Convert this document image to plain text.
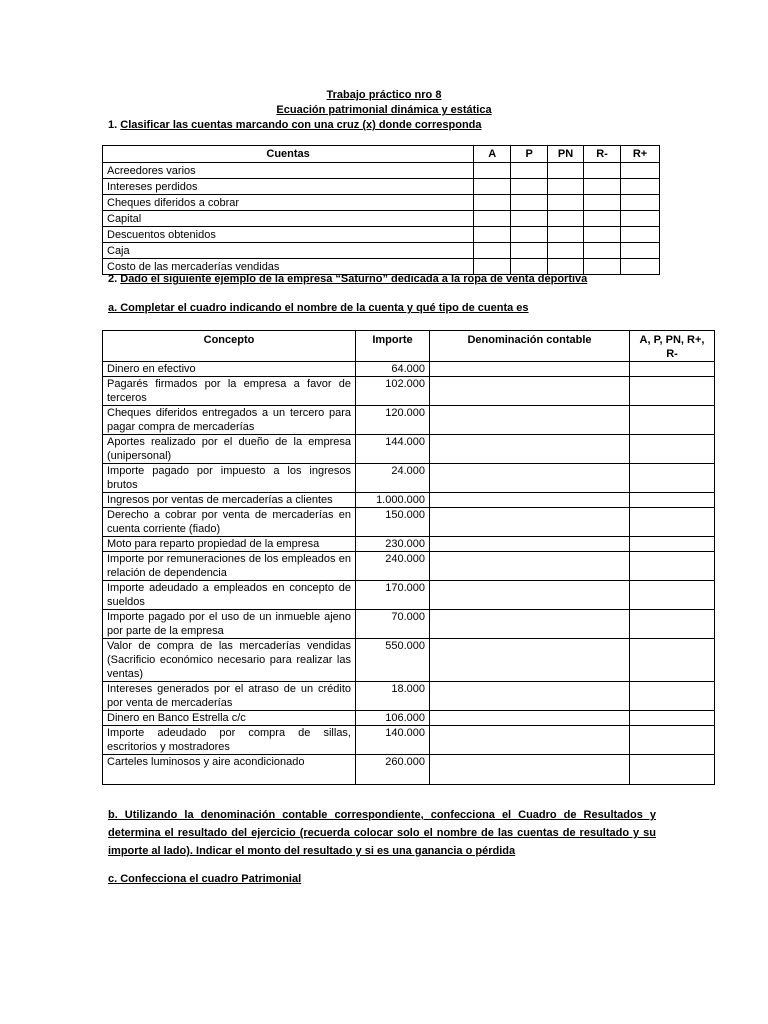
Trabajo práctico nro 8
Ecuación patrimonial dinámica y estática
1. Clasificar las cuentas marcando con una cruz (x) donde corresponda
Cuentas	A	P	PN	R-	R+
Acreedores varios					
Intereses perdidos					
Cheques diferidos a cobrar					
Capital					
Descuentos obtenidos					
Caja					
Costo de las mercaderías vendidas					
2. Dado el siguiente ejemplo de la empresa “Saturno” dedicada a la ropa de venta deportiva
a. Completar el cuadro indicando el nombre de la cuenta y qué tipo de cuenta es
Concepto	Importe	Denominación contable	A, P, PN, R+, R-
Dinero en efectivo	64.000		
Pagarés firmados por la empresa a favor de terceros	102.000		
Cheques diferidos entregados a un tercero para pagar compra de mercaderías	120.000		
Aportes realizado por el dueño de la empresa (unipersonal)	144.000		
Importe pagado por impuesto a los ingresos brutos	24.000		
Ingresos por ventas de mercaderías a clientes	1.000.000		
Derecho a cobrar por venta de mercaderías en cuenta corriente (fiado)	150.000		
Moto para reparto propiedad de la empresa	230.000		
Importe por remuneraciones de los empleados en relación de dependencia	240.000		
Importe adeudado a empleados en concepto de sueldos	170.000		
Importe pagado por el uso de un inmueble ajeno por parte de la empresa	70.000		
Valor de compra de las mercaderías vendidas (Sacrificio económico necesario para realizar las ventas)	550.000		
Intereses generados por el atraso de un crédito por venta de mercaderías	18.000		
Dinero en Banco Estrella c/c	106.000		
Importe adeudado por compra de sillas, escritorios y mostradores	140.000		
Carteles luminosos y aire acondicionado	260.000		
b. Utilizando la denominación contable correspondiente, confecciona el Cuadro de Resultados y determina el resultado del ejercicio (recuerda colocar solo el nombre de las cuentas de resultado y su importe al lado). Indicar el monto del resultado y si es una ganancia o pérdida
c. Confecciona el cuadro Patrimonial
